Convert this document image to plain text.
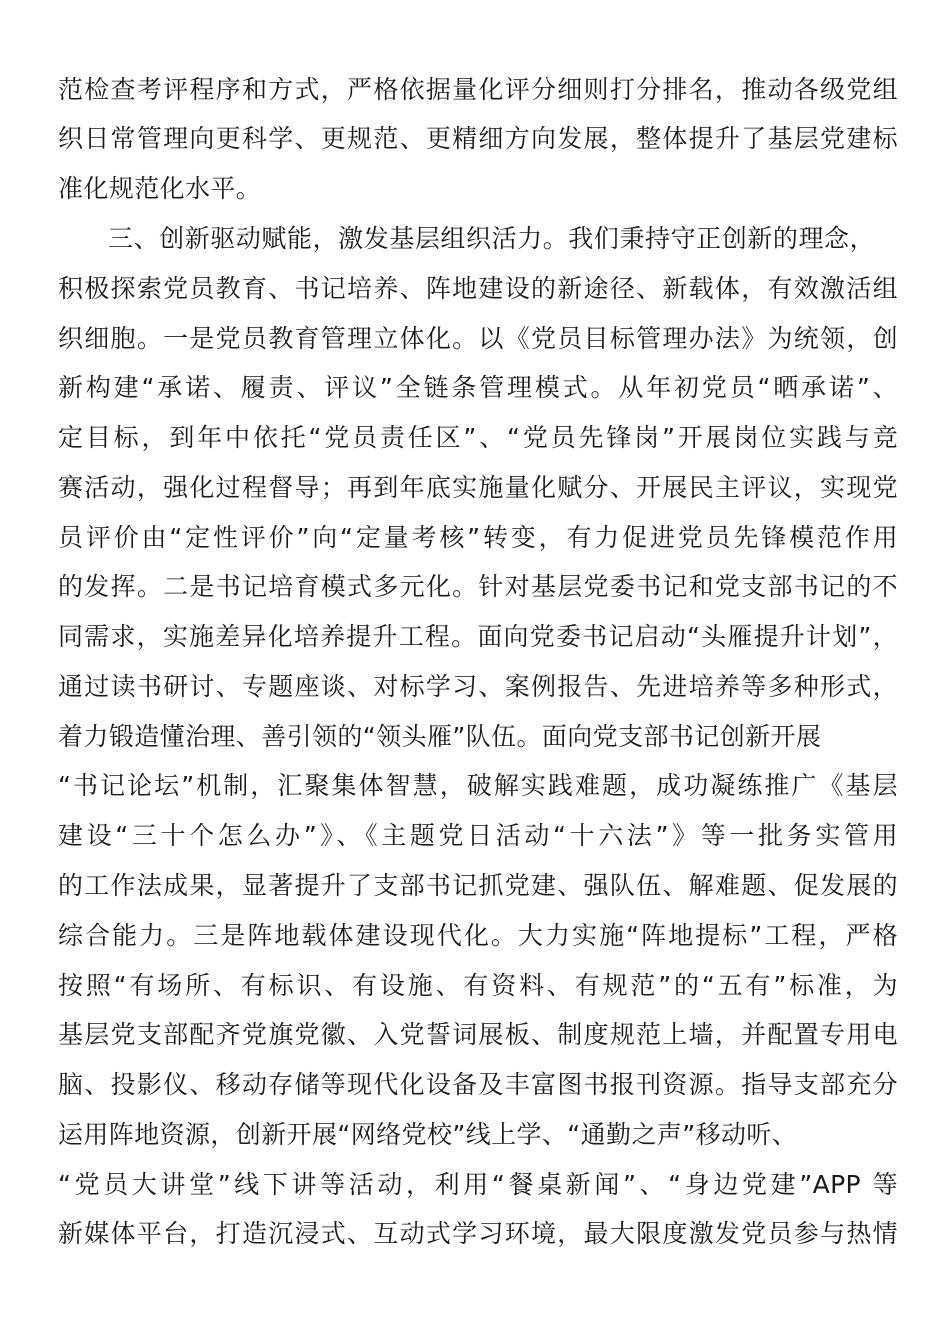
范检查考评程序和方式，严格依据量化评分细则打分排名，推动各级党组
织日常管理向更科学、更规范、更精细方向发展，整体提升了基层党建标
准化规范化水平。
三、创新驱动赋能，激发基层组织活力。我们秉持守正创新的理念，
积极探索党员教育、书记培养、阵地建设的新途径、新载体，有效激活组
织细胞。一是党员教育管理立体化。以《党员目标管理办法》为统领，创
新构建“承诺、履责、评议”全链条管理模式。从年初党员“晒承诺”、
定目标，到年中依托“党员责任区”、“党员先锋岗”开展岗位实践与竞
赛活动，强化过程督导；再到年底实施量化赋分、开展民主评议，实现党
员评价由“定性评价”向“定量考核”转变，有力促进党员先锋模范作用
的发挥。二是书记培育模式多元化。针对基层党委书记和党支部书记的不
同需求，实施差异化培养提升工程。面向党委书记启动“头雁提升计划”，
通过读书研讨、专题座谈、对标学习、案例报告、先进培养等多种形式，
着力锻造懂治理、善引领的“领头雁”队伍。面向党支部书记创新开展
“书记论坛”机制，汇聚集体智慧，破解实践难题，成功凝练推广《基层
建设“三十个怎么办”》、《主题党日活动“十六法”》等一批务实管用
的工作法成果，显著提升了支部书记抓党建、强队伍、解难题、促发展的
综合能力。三是阵地载体建设现代化。大力实施“阵地提标”工程，严格
按照“有场所、有标识、有设施、有资料、有规范”的“五有”标准，为
基层党支部配齐党旗党徽、入党誓词展板、制度规范上墙，并配置专用电
脑、投影仪、移动存储等现代化设备及丰富图书报刊资源。指导支部充分
运用阵地资源，创新开展“网络党校”线上学、“通勤之声”移动听、
“党员大讲堂”线下讲等活动，利用“餐桌新闻”、“身边党建”APP 等
新媒体平台，打造沉浸式、互动式学习环境，最大限度激发党员参与热情
